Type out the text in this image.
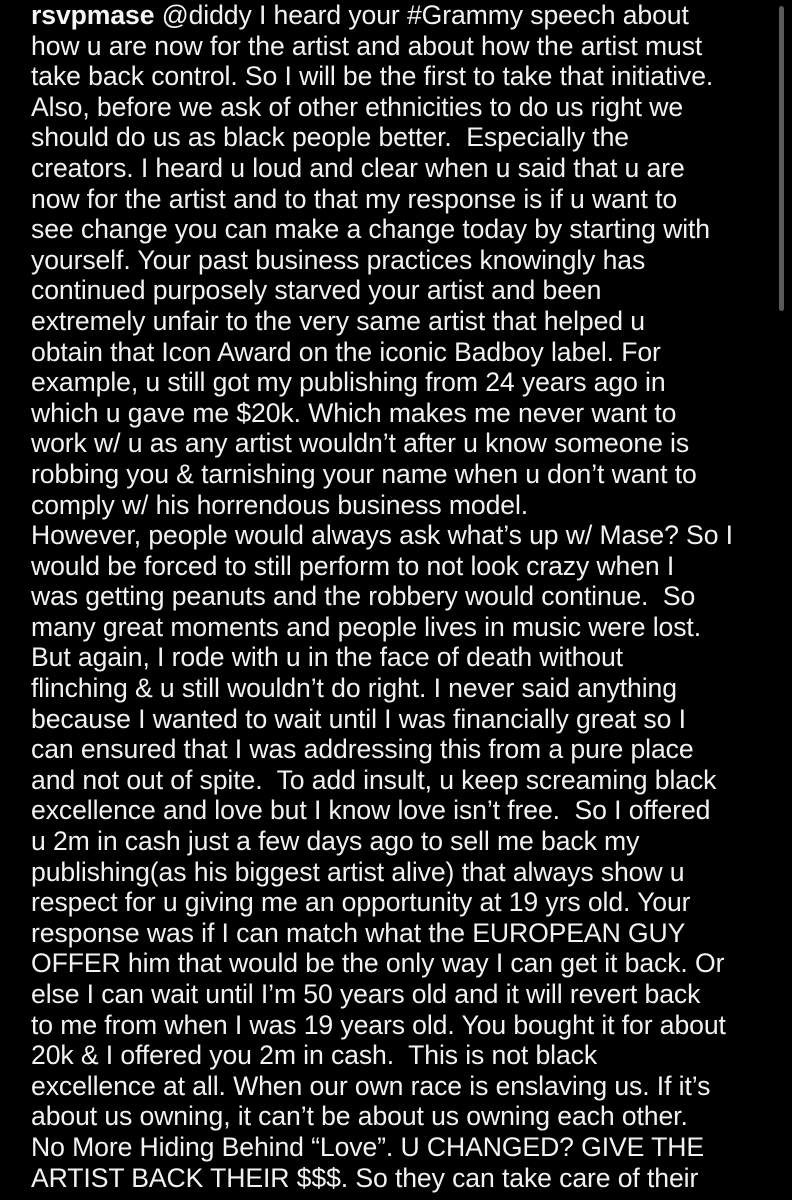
rsvpmase @diddy I heard your #Grammy speech about
how u are now for the artist and about how the artist must
take back control. So I will be the first to take that initiative.
Also, before we ask of other ethnicities to do us right we
should do us as black people better.  Especially the
creators. I heard u loud and clear when u said that u are
now for the artist and to that my response is if u want to
see change you can make a change today by starting with
yourself. Your past business practices knowingly has
continued purposely starved your artist and been
extremely unfair to the very same artist that helped u
obtain that Icon Award on the iconic Badboy label. For
example, u still got my publishing from 24 years ago in
which u gave me $20k. Which makes me never want to
work w/ u as any artist wouldn’t after u know someone is
robbing you & tarnishing your name when u don’t want to
comply w/ his horrendous business model.
However, people would always ask what’s up w/ Mase? So I
would be forced to still perform to not look crazy when I
was getting peanuts and the robbery would continue.  So
many great moments and people lives in music were lost.
But again, I rode with u in the face of death without
flinching & u still wouldn’t do right. I never said anything
because I wanted to wait until I was financially great so I
can ensured that I was addressing this from a pure place
and not out of spite.  To add insult, u keep screaming black
excellence and love but I know love isn’t free.  So I offered
u 2m in cash just a few days ago to sell me back my
publishing(as his biggest artist alive) that always show u
respect for u giving me an opportunity at 19 yrs old. Your
response was if I can match what the EUROPEAN GUY
OFFER him that would be the only way I can get it back. Or
else I can wait until I’m 50 years old and it will revert back
to me from when I was 19 years old. You bought it for about
20k & I offered you 2m in cash.  This is not black
excellence at all. When our own race is enslaving us. If it’s
about us owning, it can’t be about us owning each other.
No More Hiding Behind “Love”. U CHANGED? GIVE THE
ARTIST BACK THEIR $$$. So they can take care of their
